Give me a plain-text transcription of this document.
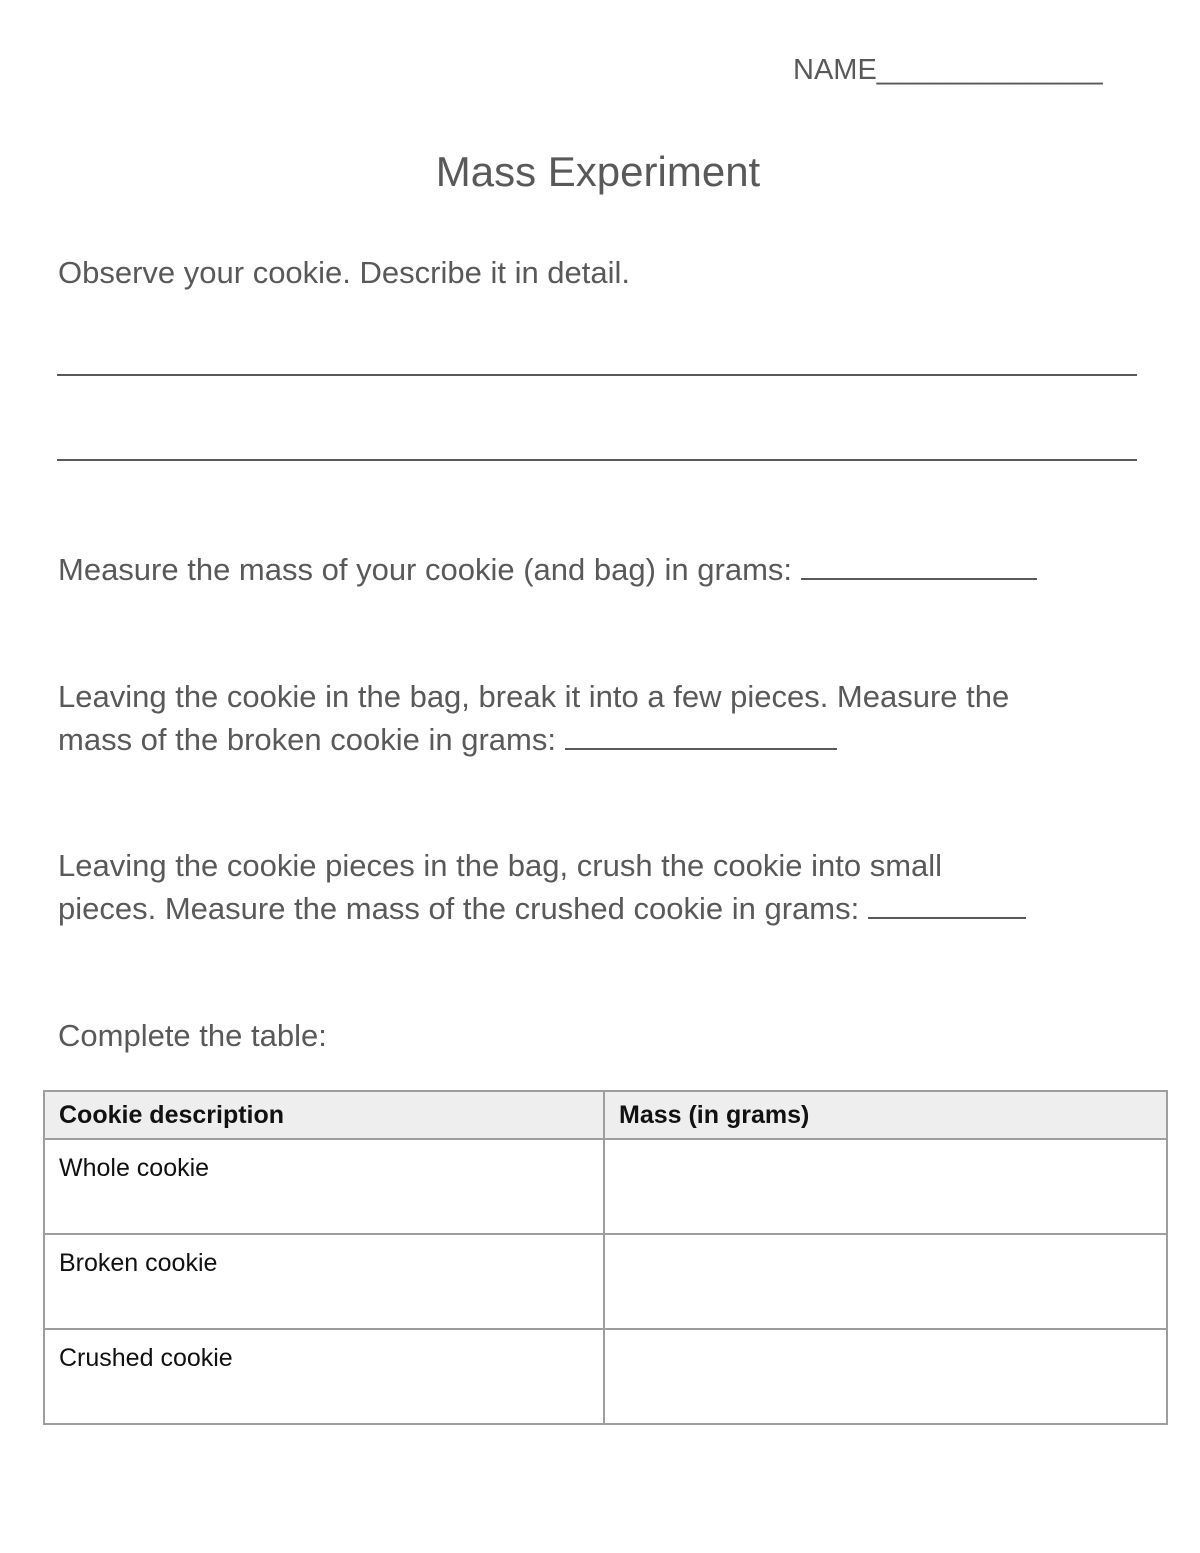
NAME______________
Mass Experiment
Observe your cookie. Describe it in detail.
Measure the mass of your cookie (and bag) in grams:
Leaving the cookie in the bag, break it into a few pieces. Measure the
mass of the broken cookie in grams:
Leaving the cookie pieces in the bag, crush the cookie into small
pieces. Measure the mass of the crushed cookie in grams:
Complete the table:
Cookie description	Mass (in grams)
Whole cookie	
Broken cookie	
Crushed cookie	
